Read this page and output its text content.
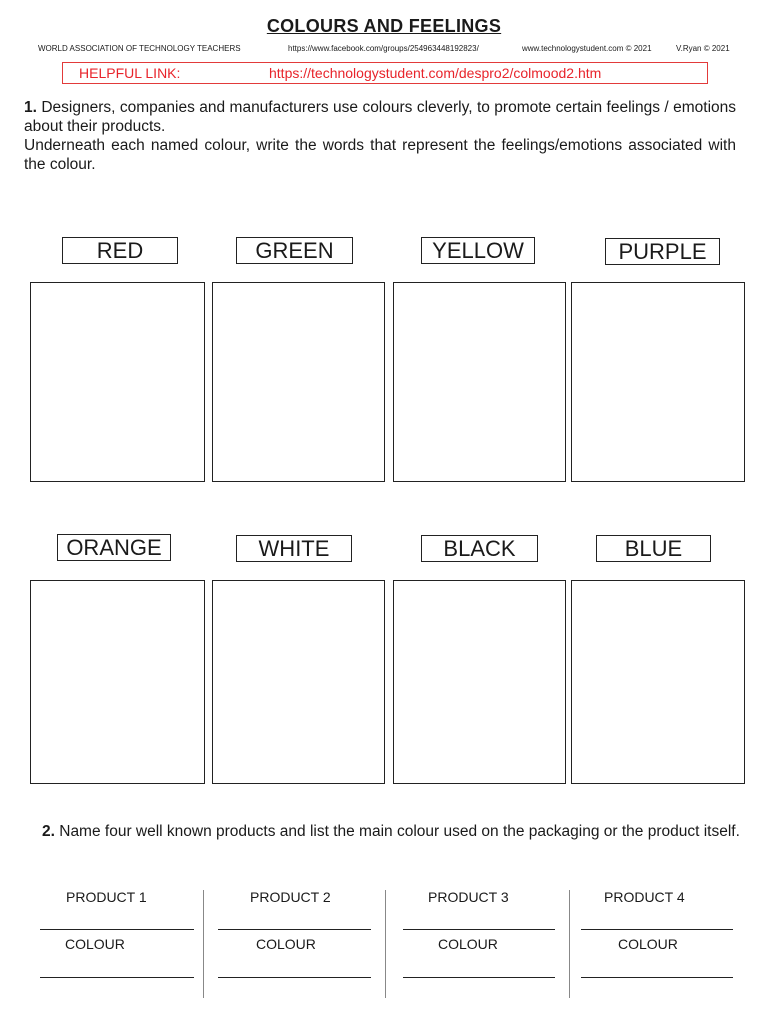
COLOURS AND FEELINGS
WORLD ASSOCIATION OF TECHNOLOGY TEACHERS	https://www.facebook.com/groups/254963448192823/	www.technologystudent.com © 2021	V.Ryan © 2021
HELPFUL LINK:	https://technologystudent.com/despro2/colmood2.htm

1. Designers, companies and manufacturers use colours cleverly, to promote certain feelings / emotions about their products.

Underneath each named colour, write the words that represent the feelings/emotions associated with the colour.

RED	GREEN	YELLOW	PURPLE
ORANGE	WHITE	BLACK	BLUE

2. Name four well known products and list the main colour used on the packaging or the product itself.

PRODUCT 1
COLOUR
PRODUCT 2
COLOUR
PRODUCT 3
COLOUR
PRODUCT 4
COLOUR
